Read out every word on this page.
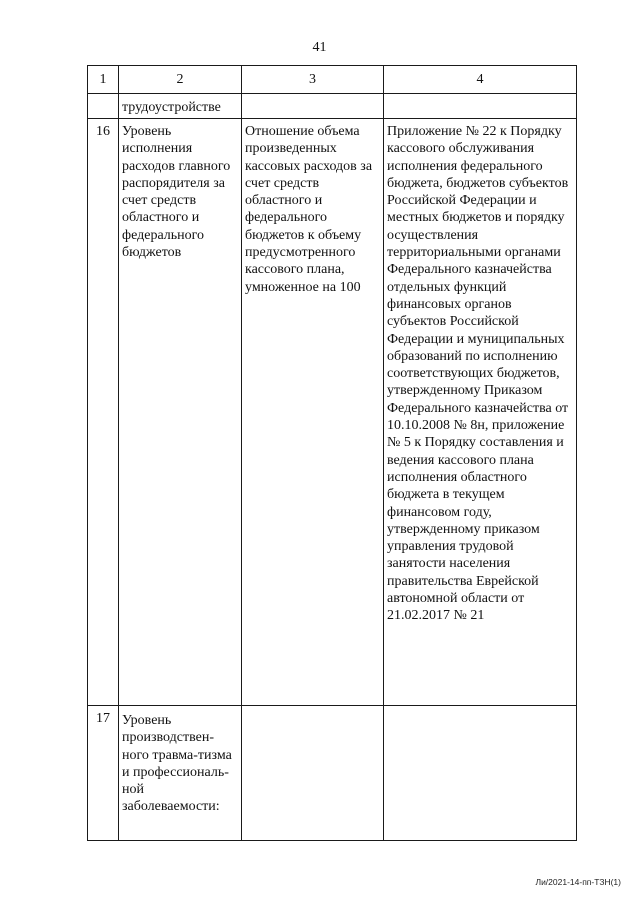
41
1	2	3	4
	трудоустройстве		
16	Уровень исполнения расходов главного распорядителя за счет средств областного и федерального бюджетов	Отношение объема произведенных кассовых расходов за счет средств областного и федерального бюджетов к объему предусмотренного кассового плана, умноженное на 100	Приложение № 22 к Порядку кассового обслуживания исполнения федерального бюджета, бюджетов субъектов Российской Федерации и местных бюджетов и порядку осуществления территориальными органами Федерального казначейства отдельных функций финансовых органов субъектов Российской Федерации и муниципальных образований по исполнению соответствующих бюджетов, утвержденному Приказом Федерального казначейства от 10.10.2008 № 8н, приложение № 5 к Порядку составления и ведения кассового плана исполнения областного бюджета в текущем финансовом году, утвержденному приказом управления трудовой занятости населения правительства Еврейской автономной области от 21.02.2017 № 21
17	Уровень производствен-ного травма-тизма и профессиональ-ной заболеваемости:		
Ли/2021-14-пп-ТЗН(1)
